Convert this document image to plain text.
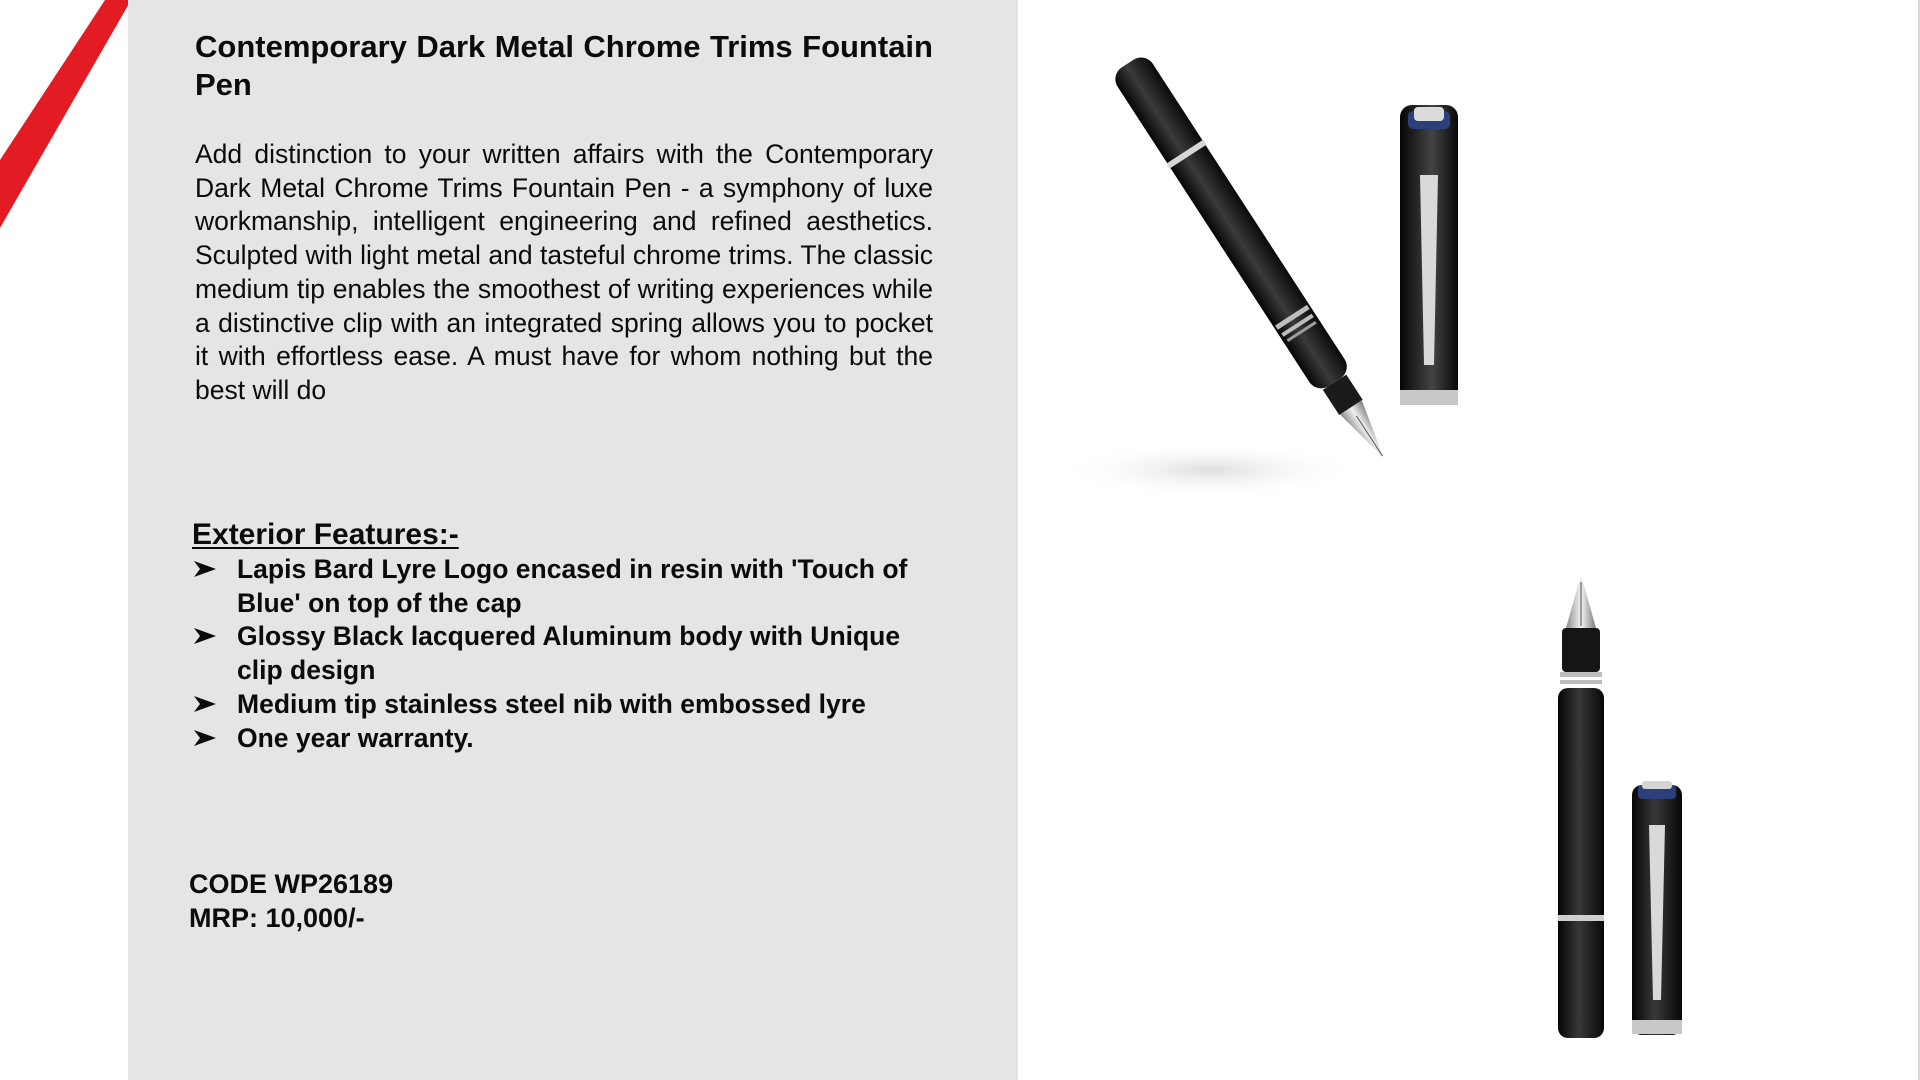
Contemporary Dark Metal Chrome Trims Fountain Pen

Add distinction to your written affairs with the Contemporary Dark Metal Chrome Trims Fountain Pen - a symphony of luxe workmanship, intelligent engineering and refined aesthetics. Sculpted with light metal and tasteful chrome trims. The classic medium tip enables the smoothest of writing experiences while a distinctive clip with an integrated spring allows you to pocket it with effortless ease. A must have for whom nothing but the best will do

Exterior Features:-
Lapis Bard Lyre Logo encased in resin with 'Touch of Blue' on top of the cap
Glossy Black lacquered Aluminum body with Unique clip design
Medium tip stainless steel nib with embossed lyre
One year warranty.
CODE WP26189
MRP: 10,000/-
